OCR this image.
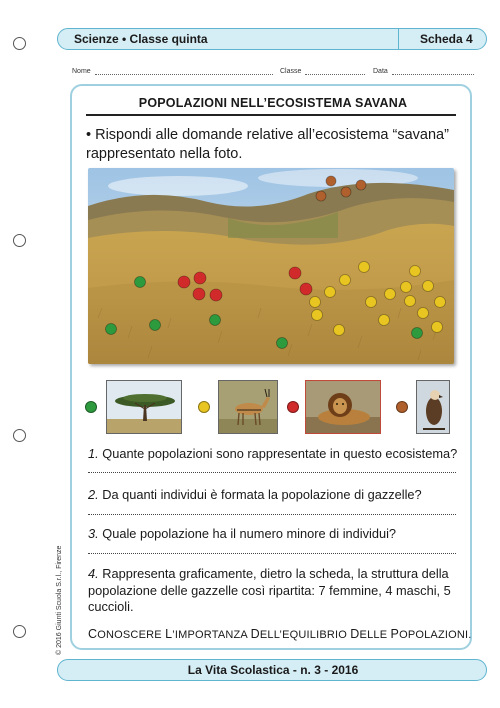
Scienze • Classe quinta	Scheda 4
Nome	Classe	Data
POPOLAZIONI NELL’ECOSISTEMA SAVANA
• Rispondi alle domande relative all’ecosistema “savana” rappresentato nella foto.
1. Quante popolazioni sono rappresentate in questo ecosistema?
2. Da quanti individui è formata la popolazione di gazzelle?
3. Quale popolazione ha il numero minore di individui?
4. Rappresenta graficamente, dietro la scheda, la struttura della popolazione delle gazzelle così ripartita: 7 femmine, 4 maschi, 5 cuccioli.
CONOSCERE L’IMPORTANZA DELL’EQUILIBRIO DELLE POPOLAZIONI.
© 2016 Giunti Scuola S.r.l., Firenze
La Vita Scolastica - n. 3 - 2016
